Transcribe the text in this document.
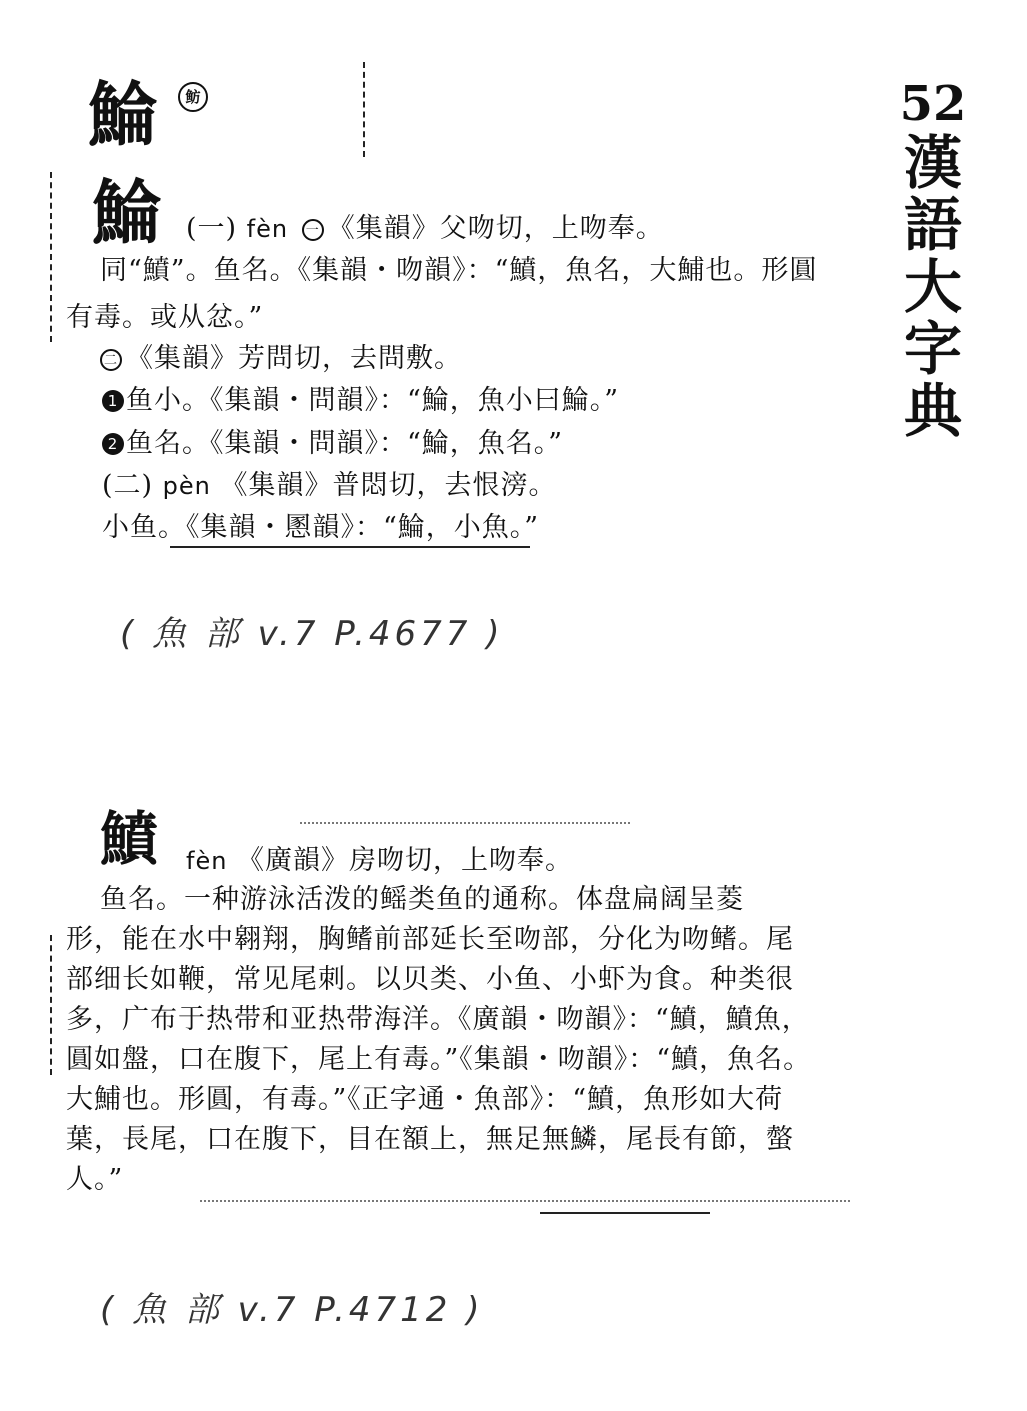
鯩	鲂	52
漢
語
大
字
典
鯩 (一) fèn 一 《集韻》父吻切，上吻奉。
同“鱝”。鱼名。《集韻・吻韻》：“鱝，魚名，大鯆也。形圓
有毒。或从忿。”
二 《集韻》芳問切，去問敷。
1 鱼小。《集韻・問韻》：“鯩，魚小曰鯩。”
2 鱼名。《集韻・問韻》：“鯩，魚名。”
(二) pèn 《集韻》普悶切，去恨滂。
小鱼。《集韻・慁韻》：“鯩，小魚。”
( 魚 部 v.7 P.4677 )
鱝 fèn 《廣韻》房吻切，上吻奉。
鱼名。一种游泳活泼的鳐类鱼的通称。体盘扁阔呈菱
形，能在水中翱翔，胸鳍前部延长至吻部，分化为吻鳍。尾
部细长如鞭，常见尾刺。以贝类、小鱼、小虾为食。种类很
多，广布于热带和亚热带海洋。《廣韻・吻韻》：“鱝，鱝魚，
圓如盤，口在腹下，尾上有毒。”《集韻・吻韻》：“鱝，魚名。
大鯆也。形圓，有毒。”《正字通・魚部》：“鱝，魚形如大荷
葉，長尾，口在腹下，目在額上，無足無鱗，尾長有節，螫
人。”
( 魚 部 v.7 P.4712 )
